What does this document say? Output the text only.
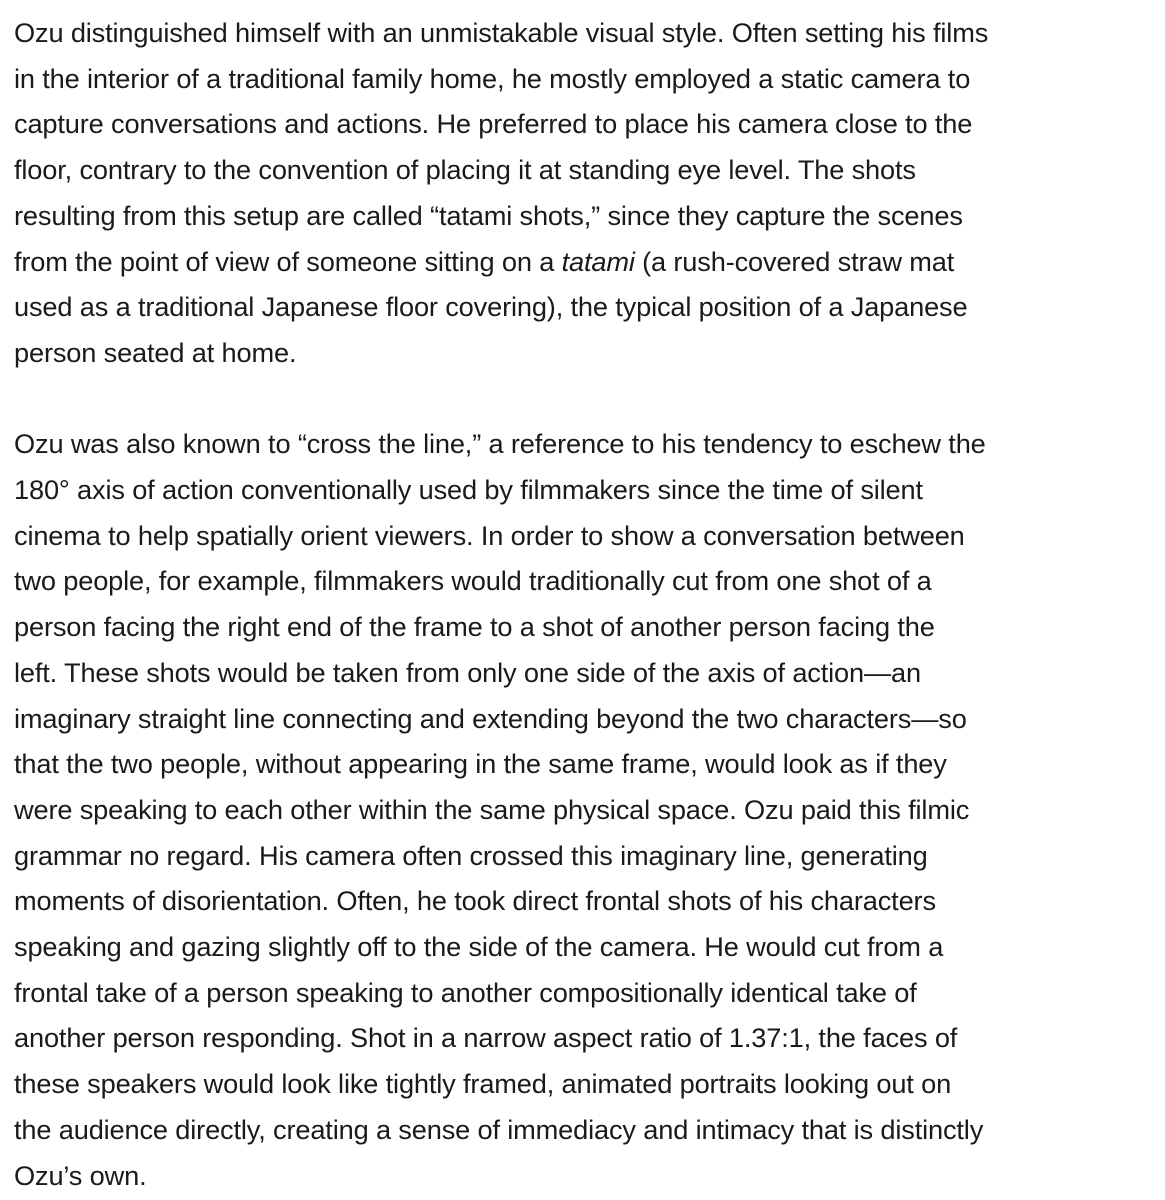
Ozu distinguished himself with an unmistakable visual style. Often setting his films
in the interior of a traditional family home, he mostly employed a static camera to
capture conversations and actions. He preferred to place his camera close to the
floor, contrary to the convention of placing it at standing eye level. The shots
resulting from this setup are called “tatami shots,” since they capture the scenes
from the point of view of someone sitting on a tatami (a rush-covered straw mat
used as a traditional Japanese floor covering), the typical position of a Japanese
person seated at home.

Ozu was also known to “cross the line,” a reference to his tendency to eschew the
180° axis of action conventionally used by filmmakers since the time of silent
cinema to help spatially orient viewers. In order to show a conversation between
two people, for example, filmmakers would traditionally cut from one shot of a
person facing the right end of the frame to a shot of another person facing the
left. These shots would be taken from only one side of the axis of action—an
imaginary straight line connecting and extending beyond the two characters—so
that the two people, without appearing in the same frame, would look as if they
were speaking to each other within the same physical space. Ozu paid this filmic
grammar no regard. His camera often crossed this imaginary line, generating
moments of disorientation. Often, he took direct frontal shots of his characters
speaking and gazing slightly off to the side of the camera. He would cut from a
frontal take of a person speaking to another compositionally identical take of
another person responding. Shot in a narrow aspect ratio of 1.37:1, the faces of
these speakers would look like tightly framed, animated portraits looking out on
the audience directly, creating a sense of immediacy and intimacy that is distinctly
Ozu’s own.
